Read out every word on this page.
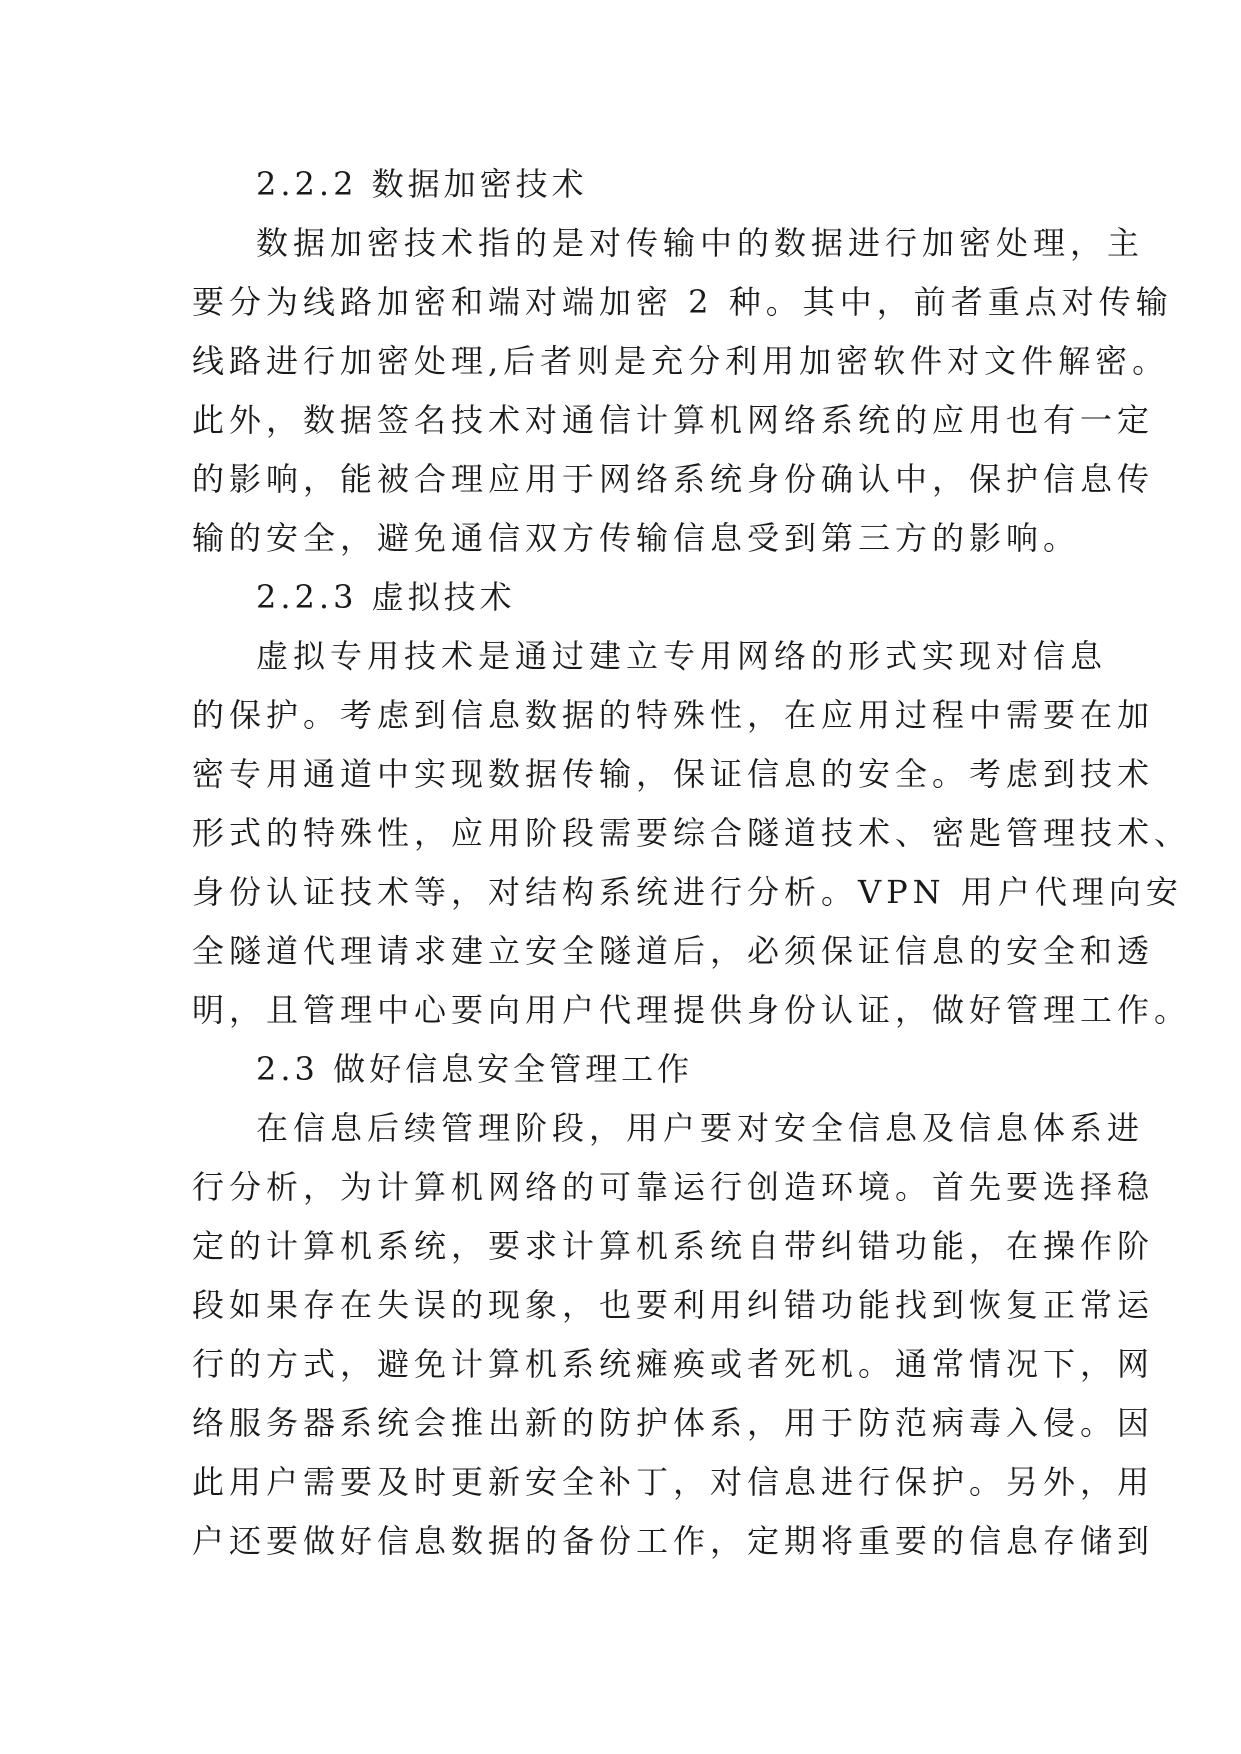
2.2.2 数据加密技术
数据加密技术指的是对传输中的数据进行加密处理，主
要分为线路加密和端对端加密 2 种。其中，前者重点对传输
线路进行加密处理,后者则是充分利用加密软件对文件解密。
此外，数据签名技术对通信计算机网络系统的应用也有一定
的影响，能被合理应用于网络系统身份确认中，保护信息传
输的安全，避免通信双方传输信息受到第三方的影响。
2.2.3 虚拟技术
虚拟专用技术是通过建立专用网络的形式实现对信息
的保护。考虑到信息数据的特殊性，在应用过程中需要在加
密专用通道中实现数据传输，保证信息的安全。考虑到技术
形式的特殊性，应用阶段需要综合隧道技术、密匙管理技术、
身份认证技术等，对结构系统进行分析。VPN 用户代理向安
全隧道代理请求建立安全隧道后，必须保证信息的安全和透
明，且管理中心要向用户代理提供身份认证，做好管理工作。
2.3 做好信息安全管理工作
在信息后续管理阶段，用户要对安全信息及信息体系进
行分析，为计算机网络的可靠运行创造环境。首先要选择稳
定的计算机系统，要求计算机系统自带纠错功能，在操作阶
段如果存在失误的现象，也要利用纠错功能找到恢复正常运
行的方式，避免计算机系统瘫痪或者死机。通常情况下，网
络服务器系统会推出新的防护体系，用于防范病毒入侵。因
此用户需要及时更新安全补丁，对信息进行保护。另外，用
户还要做好信息数据的备份工作，定期将重要的信息存储到
